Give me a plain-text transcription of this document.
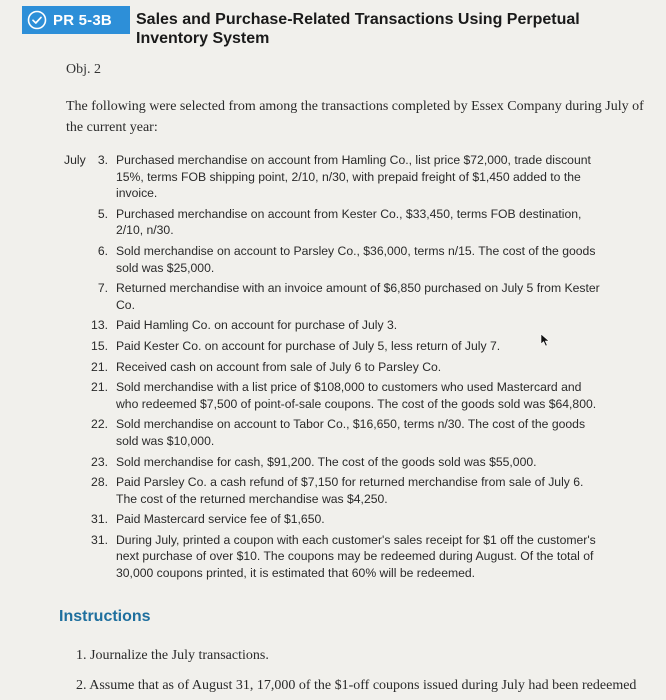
PR 5-3B Sales and Purchase-Related Transactions Using Perpetual
Inventory System
Obj. 2
The following were selected from among the transactions completed by Essex Company during July of the current year:
July 3. Purchased merchandise on account from Hamling Co., list price $72,000, trade discount 15%, terms FOB shipping point, 2/10, n/30, with prepaid freight of $1,450 added to the invoice.
5. Purchased merchandise on account from Kester Co., $33,450, terms FOB destination, 2/10, n/30.
6. Sold merchandise on account to Parsley Co., $36,000, terms n/15. The cost of the goods sold was $25,000.
7. Returned merchandise with an invoice amount of $6,850 purchased on July 5 from Kester Co.
13. Paid Hamling Co. on account for purchase of July 3.
15. Paid Kester Co. on account for purchase of July 5, less return of July 7.
21. Received cash on account from sale of July 6 to Parsley Co.
21. Sold merchandise with a list price of $108,000 to customers who used Mastercard and who redeemed $7,500 of point-of-sale coupons. The cost of the goods sold was $64,800.
22. Sold merchandise on account to Tabor Co., $16,650, terms n/30. The cost of the goods sold was $10,000.
23. Sold merchandise for cash, $91,200. The cost of the goods sold was $55,000.
28. Paid Parsley Co. a cash refund of $7,150 for returned merchandise from sale of July 6. The cost of the returned merchandise was $4,250.
31. Paid Mastercard service fee of $1,650.
31. During July, printed a coupon with each customer's sales receipt for $1 off the customer's next purchase of over $10. The coupons may be redeemed during August. Of the total of 30,000 coupons printed, it is estimated that 60% will be redeemed.
Instructions
1. Journalize the July transactions.
2. Assume that as of August 31, 17,000 of the $1-off coupons issued during July had been redeemed
